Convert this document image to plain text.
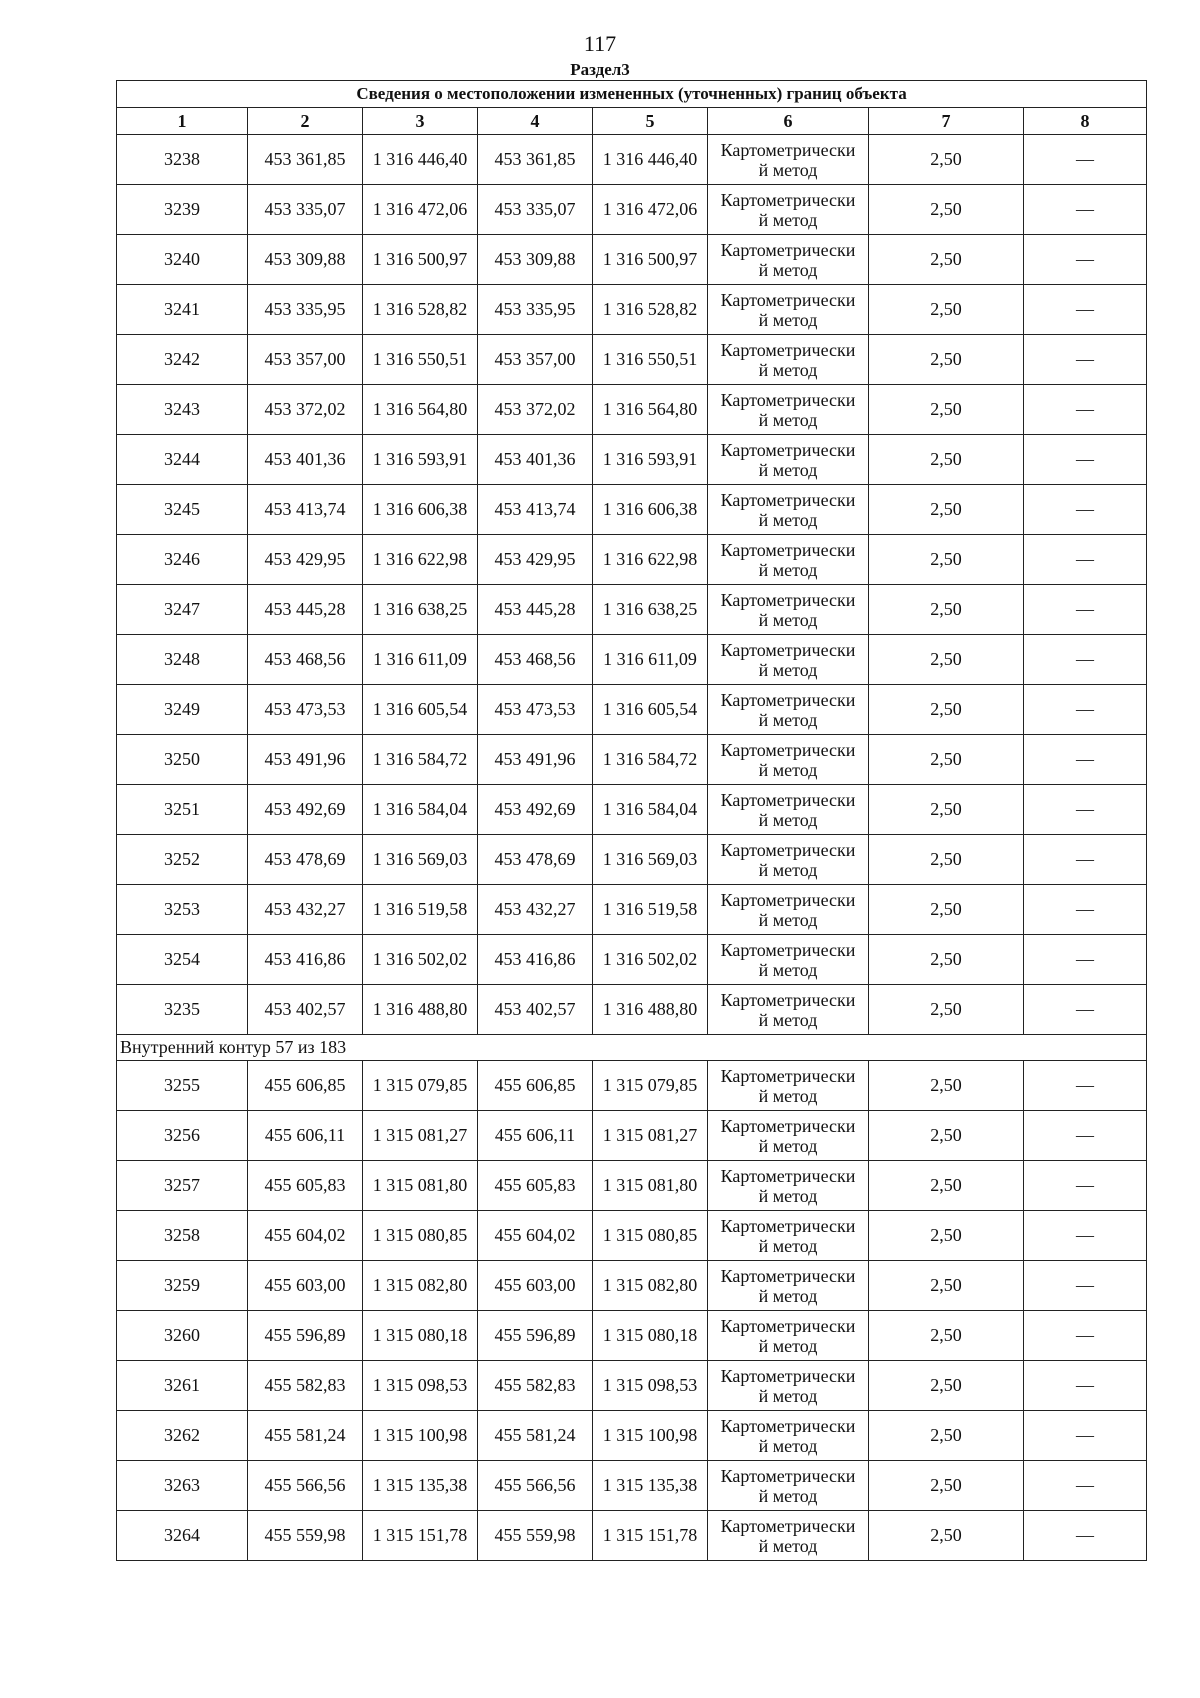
117
Раздел3
Сведения о местоположении измененных (уточненных) границ объекта							
1	2	3	4	5	6	7	8
3238	453 361,85	1 316 446,40	453 361,85	1 316 446,40	Картометрически
й метод	2,50	—
3239	453 335,07	1 316 472,06	453 335,07	1 316 472,06	Картометрически
й метод	2,50	—
3240	453 309,88	1 316 500,97	453 309,88	1 316 500,97	Картометрически
й метод	2,50	—
3241	453 335,95	1 316 528,82	453 335,95	1 316 528,82	Картометрически
й метод	2,50	—
3242	453 357,00	1 316 550,51	453 357,00	1 316 550,51	Картометрически
й метод	2,50	—
3243	453 372,02	1 316 564,80	453 372,02	1 316 564,80	Картометрически
й метод	2,50	—
3244	453 401,36	1 316 593,91	453 401,36	1 316 593,91	Картометрически
й метод	2,50	—
3245	453 413,74	1 316 606,38	453 413,74	1 316 606,38	Картометрически
й метод	2,50	—
3246	453 429,95	1 316 622,98	453 429,95	1 316 622,98	Картометрически
й метод	2,50	—
3247	453 445,28	1 316 638,25	453 445,28	1 316 638,25	Картометрически
й метод	2,50	—
3248	453 468,56	1 316 611,09	453 468,56	1 316 611,09	Картометрически
й метод	2,50	—
3249	453 473,53	1 316 605,54	453 473,53	1 316 605,54	Картометрически
й метод	2,50	—
3250	453 491,96	1 316 584,72	453 491,96	1 316 584,72	Картометрически
й метод	2,50	—
3251	453 492,69	1 316 584,04	453 492,69	1 316 584,04	Картометрически
й метод	2,50	—
3252	453 478,69	1 316 569,03	453 478,69	1 316 569,03	Картометрически
й метод	2,50	—
3253	453 432,27	1 316 519,58	453 432,27	1 316 519,58	Картометрически
й метод	2,50	—
3254	453 416,86	1 316 502,02	453 416,86	1 316 502,02	Картометрически
й метод	2,50	—
3235	453 402,57	1 316 488,80	453 402,57	1 316 488,80	Картометрически
й метод	2,50	—
Внутренний контур 57 из 183							
3255	455 606,85	1 315 079,85	455 606,85	1 315 079,85	Картометрически
й метод	2,50	—
3256	455 606,11	1 315 081,27	455 606,11	1 315 081,27	Картометрически
й метод	2,50	—
3257	455 605,83	1 315 081,80	455 605,83	1 315 081,80	Картометрически
й метод	2,50	—
3258	455 604,02	1 315 080,85	455 604,02	1 315 080,85	Картометрически
й метод	2,50	—
3259	455 603,00	1 315 082,80	455 603,00	1 315 082,80	Картометрически
й метод	2,50	—
3260	455 596,89	1 315 080,18	455 596,89	1 315 080,18	Картометрически
й метод	2,50	—
3261	455 582,83	1 315 098,53	455 582,83	1 315 098,53	Картометрически
й метод	2,50	—
3262	455 581,24	1 315 100,98	455 581,24	1 315 100,98	Картометрически
й метод	2,50	—
3263	455 566,56	1 315 135,38	455 566,56	1 315 135,38	Картометрически
й метод	2,50	—
3264	455 559,98	1 315 151,78	455 559,98	1 315 151,78	Картометрически
й метод	2,50	—
